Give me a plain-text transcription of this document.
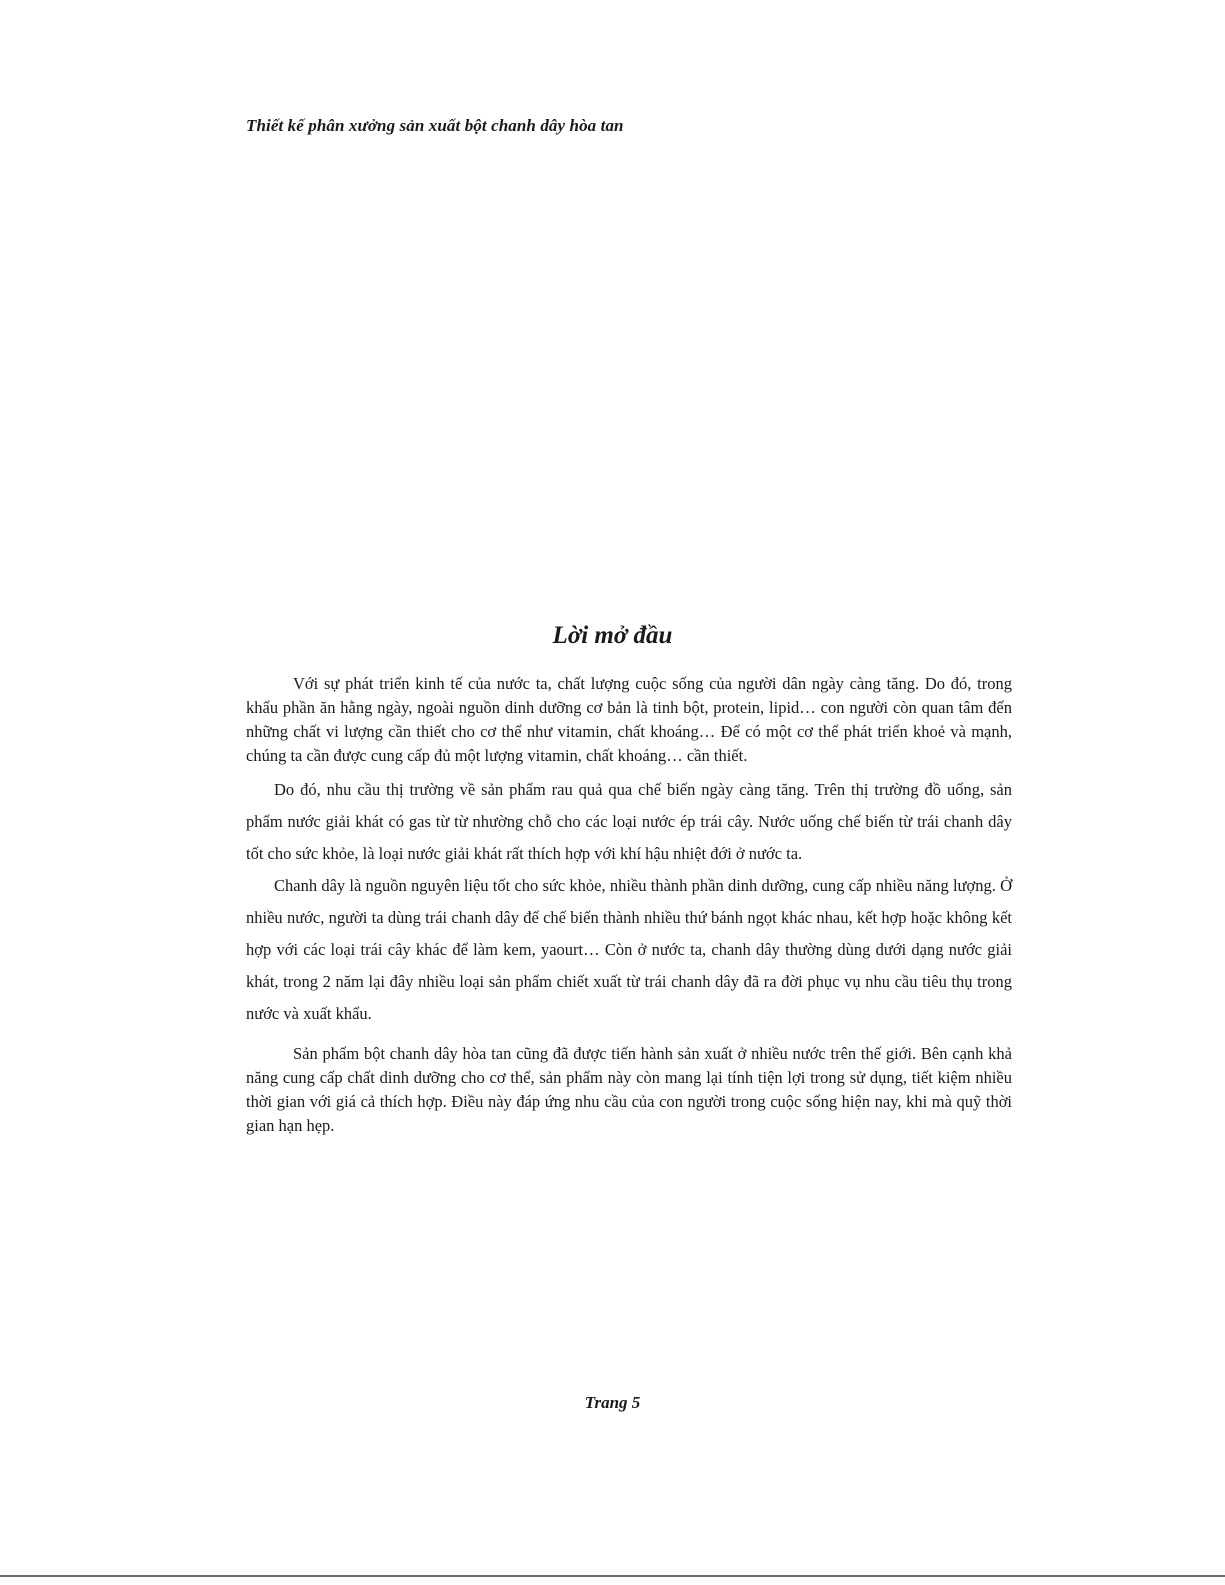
Thiết kế phân xưởng sản xuất bột chanh dây hòa tan
Lời mở đầu

Với sự phát triển kinh tế của nước ta, chất lượng cuộc sống của người dân ngày càng tăng. Do đó, trong khẩu phần ăn hằng ngày, ngoài nguồn dinh dưỡng cơ bản là tinh bột, protein, lipid… con người còn quan tâm đến những chất vi lượng cần thiết cho cơ thể như vitamin, chất khoáng… Để có một cơ thể phát triển khoẻ và mạnh, chúng ta cần được cung cấp đủ một lượng vitamin, chất khoáng… cần thiết.

Do đó, nhu cầu thị trường về sản phẩm rau quả qua chế biến ngày càng tăng. Trên thị trường đồ uống, sản phẩm nước giải khát có gas từ từ nhường chỗ cho các loại nước ép trái cây. Nước uống chế biến từ trái chanh dây tốt cho sức khỏe, là loại nước giải khát rất thích hợp với khí hậu nhiệt đới ở nước ta.

Chanh dây là nguồn nguyên liệu tốt cho sức khỏe, nhiều thành phần dinh dưỡng, cung cấp nhiều năng lượng. Ở nhiều nước, người ta dùng trái chanh dây để chế biến thành nhiều thứ bánh ngọt khác nhau, kết hợp hoặc không kết hợp với các loại trái cây khác để làm kem, yaourt… Còn ở nước ta, chanh dây thường dùng dưới dạng nước giải khát, trong 2 năm lại đây nhiều loại sản phẩm chiết xuất từ trái chanh dây đã ra đời phục vụ nhu cầu tiêu thụ trong nước và xuất khẩu.

Sản phẩm bột chanh dây hòa tan cũng đã được tiến hành sản xuất ở nhiều nước trên thế giới. Bên cạnh khả năng cung cấp chất dinh dưỡng cho cơ thể, sản phẩm này còn mang lại tính tiện lợi trong sử dụng, tiết kiệm nhiều thời gian với giá cả thích hợp. Điều này đáp ứng nhu cầu của con người trong cuộc sống hiện nay, khi mà quỹ thời gian hạn hẹp.

Trang 5
